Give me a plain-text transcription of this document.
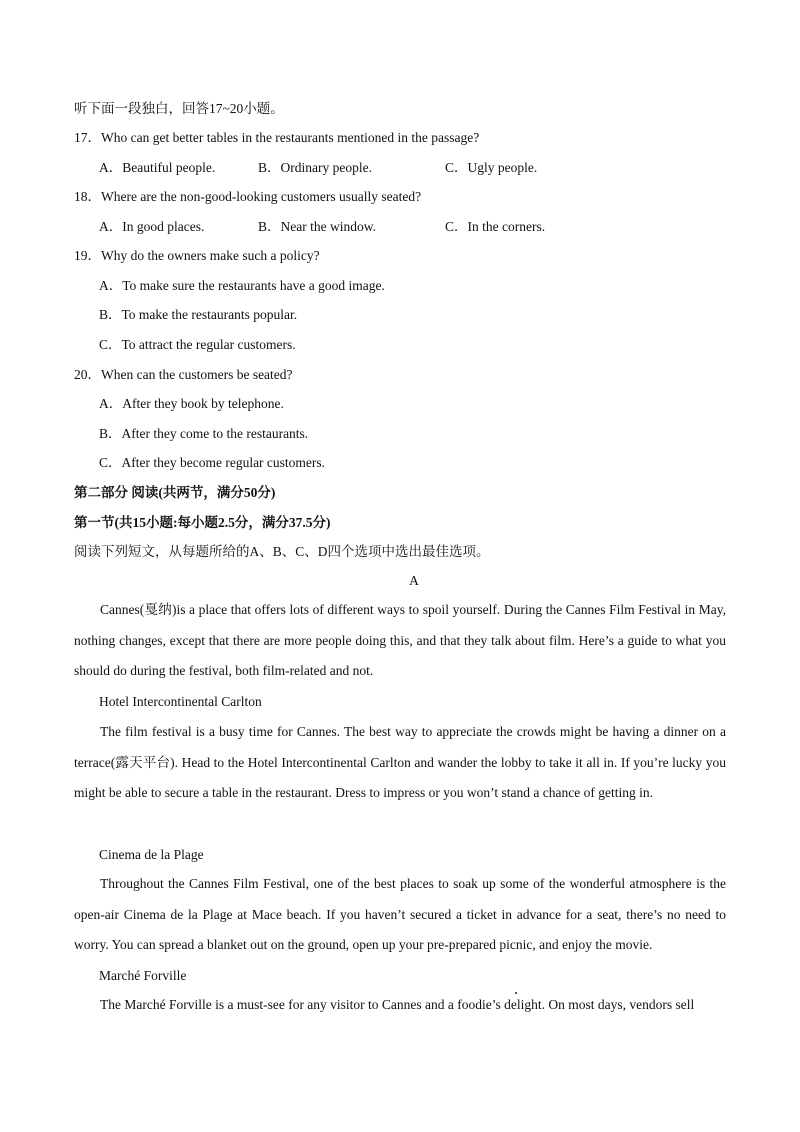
听下面一段独白，回答17~20小题。
17．Who can get better tables in the restaurants mentioned in the passage?
A．Beautiful people.	B．Ordinary people.	C．Ugly people.
18．Where are the non-good-looking customers usually seated?
A．In good places.	B．Near the window.	C．In the corners.
19．Why do the owners make such a policy?
A．To make sure the restaurants have a good image.
B．To make the restaurants popular.
C．To attract the regular customers.
20．When can the customers be seated?
A．After they book by telephone.
B．After they come to the restaurants.
C．After they become regular customers.
第二部分 阅读(共两节，满分50分)
第一节(共15小题:每小题2.5分，满分37.5分)
阅读下列短文，从每题所给的A、B、C、D四个选项中选出最佳选项。
A
Cannes(戛纳)is a place that offers lots of different ways to spoil yourself. During the Cannes Film Festival in May, nothing changes, except that there are more people doing this, and that they talk about film. Here’s a guide to what you should do during the festival, both film-related and not.
Hotel Intercontinental Carlton
The film festival is a busy time for Cannes. The best way to appreciate the crowds might be having a dinner on a terrace(露天平台). Head to the Hotel Intercontinental Carlton and wander the lobby to take it all in. If you’re lucky you might be able to secure a table in the restaurant. Dress to impress or you won’t stand a chance of getting in.
Cinema de la Plage
Throughout the Cannes Film Festival, one of the best places to soak up some of the wonderful atmosphere is the open-air Cinema de la Plage at Mace beach. If you haven’t secured a ticket in advance for a seat, there’s no need to worry. You can spread a blanket out on the ground, open up your pre-prepared picnic, and enjoy the movie.
Marché Forville
The Marché Forville is a must-see for any visitor to Cannes and a foodie’s delight. On most days, vendors sell
